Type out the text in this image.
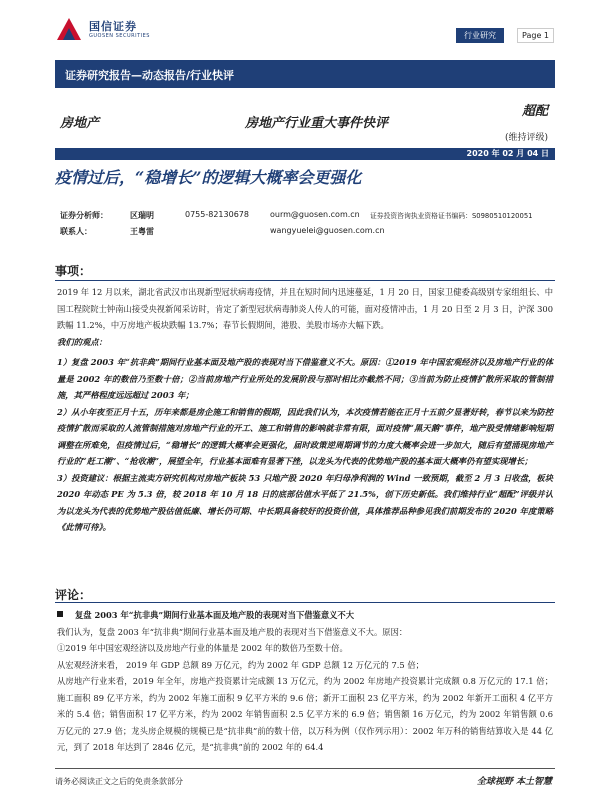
国信证券
GUOSEN SECURITIES	行业研究	Page 1
证券研究报告—动态报告/行业快评
房地产	房地产行业重大事件快评
超配
(维持评级)
2020 年 02 月 04 日
疫情过后，“稳增长”的逻辑大概率会更强化
证券分析师：	区瑞明	0755-82130678	ourm@guosen.com.cn 证券投资咨询执业资格证书编码：S0980510120051
联系人：	王粤雷	wangyuelei@guosen.com.cn
事项：

2019 年 12 月以来，湖北省武汉市出现新型冠状病毒疫情，并且在短时间内迅速蔓延，1 月 20 日，国家卫健委高级别专家组组长、中国工程院院士钟南山接受央视新闻采访时，肯定了新型冠状病毒肺炎人传人的可能，面对疫情冲击，1 月 20 日至 2 月 3 日，沪深 300 跌幅 11.2%，中万房地产板块跌幅 13.7%；春节长假期间，港股、美股市场亦大幅下跌。

我们的观点：

1）复盘 2003 年“抗非典”期间行业基本面及地产股的表现对当下借鉴意义不大。原因：①2019 年中国宏观经济以及房地产行业的体量是 2002 年的数倍乃至数十倍；②当前房地产行业所处的发展阶段与那时相比亦截然不同；③当前为防止疫情扩散所采取的管制措施，其严格程度远远超过 2003 年；

2）从小年夜至正月十五，历年来都是房企施工和销售的假期，因此我们认为，本次疫情若能在正月十五前夕显著好转，春节以来为防控疫情扩散而采取的人流管制措施对房地产行业的开工、施工和销售的影响就非常有限，面对疫情“黑天鹅”事件，地产股受情绪影响短期调整在所难免，但疫情过后，“稳增长”的逻辑大概率会更强化，届时政策逆周期调节的力度大概率会进一步加大，随后有望涌现房地产行业的“赶工潮”、“抢收潮”，展望全年，行业基本面难有显著下挫，以龙头为代表的优势地产股的基本面大概率仍有望实现增长；

3）投资建议：根据主流卖方研究机构对房地产板块 53 只地产股 2020 年归母净利润的 Wind 一致预期，截至 2 月 3 日收盘，板块 2020 年动态 PE 为 5.3 倍，较 2018 年 10 月 18 日的底部估值水平低了 21.5%，创下历史新低。我们维持行业“超配”评级并认为以龙头为代表的优势地产股估值低廉、增长仍可期、中长期具备较好的投资价值，具体推荐品种参见我们前期发布的 2020 年度策略《此情可待》。

评论：

复盘 2003 年“抗非典”期间行业基本面及地产股的表现对当下借鉴意义不大

我们认为，复盘 2003 年“抗非典”期间行业基本面及地产股的表现对当下借鉴意义不大。原因：

①2019 年中国宏观经济以及房地产行业的体量是 2002 年的数倍乃至数十倍。

从宏观经济来看， 2019 年 GDP 总额 89 万亿元，约为 2002 年 GDP 总额 12 万亿元的 7.5 倍；

从房地产行业来看，2019 年全年，房地产投资累计完成额 13 万亿元，约为 2002 年房地产投资累计完成额 0.8 万亿元的 17.1 倍；施工面积 89 亿平方米，约为 2002 年施工面积 9 亿平方米的 9.6 倍；新开工面积 23 亿平方米，约为 2002 年新开工面积 4 亿平方米的 5.4 倍；销售面积 17 亿平方米，约为 2002 年销售面积 2.5 亿平方米的 6.9 倍；销售额 16 万亿元，约为 2002 年销售额 0.6 万亿元的 27.9 倍；龙头房企规模的规模已是“抗非典”前的数十倍，以万科为例（仅作列示用）：2002 年万科的销售结算收入是 44 亿元，到了 2018 年达到了 2846 亿元，是“抗非典”前的 2002 年的 64.4

请务必阅读正文之后的免责条款部分	全球视野 本土智慧
